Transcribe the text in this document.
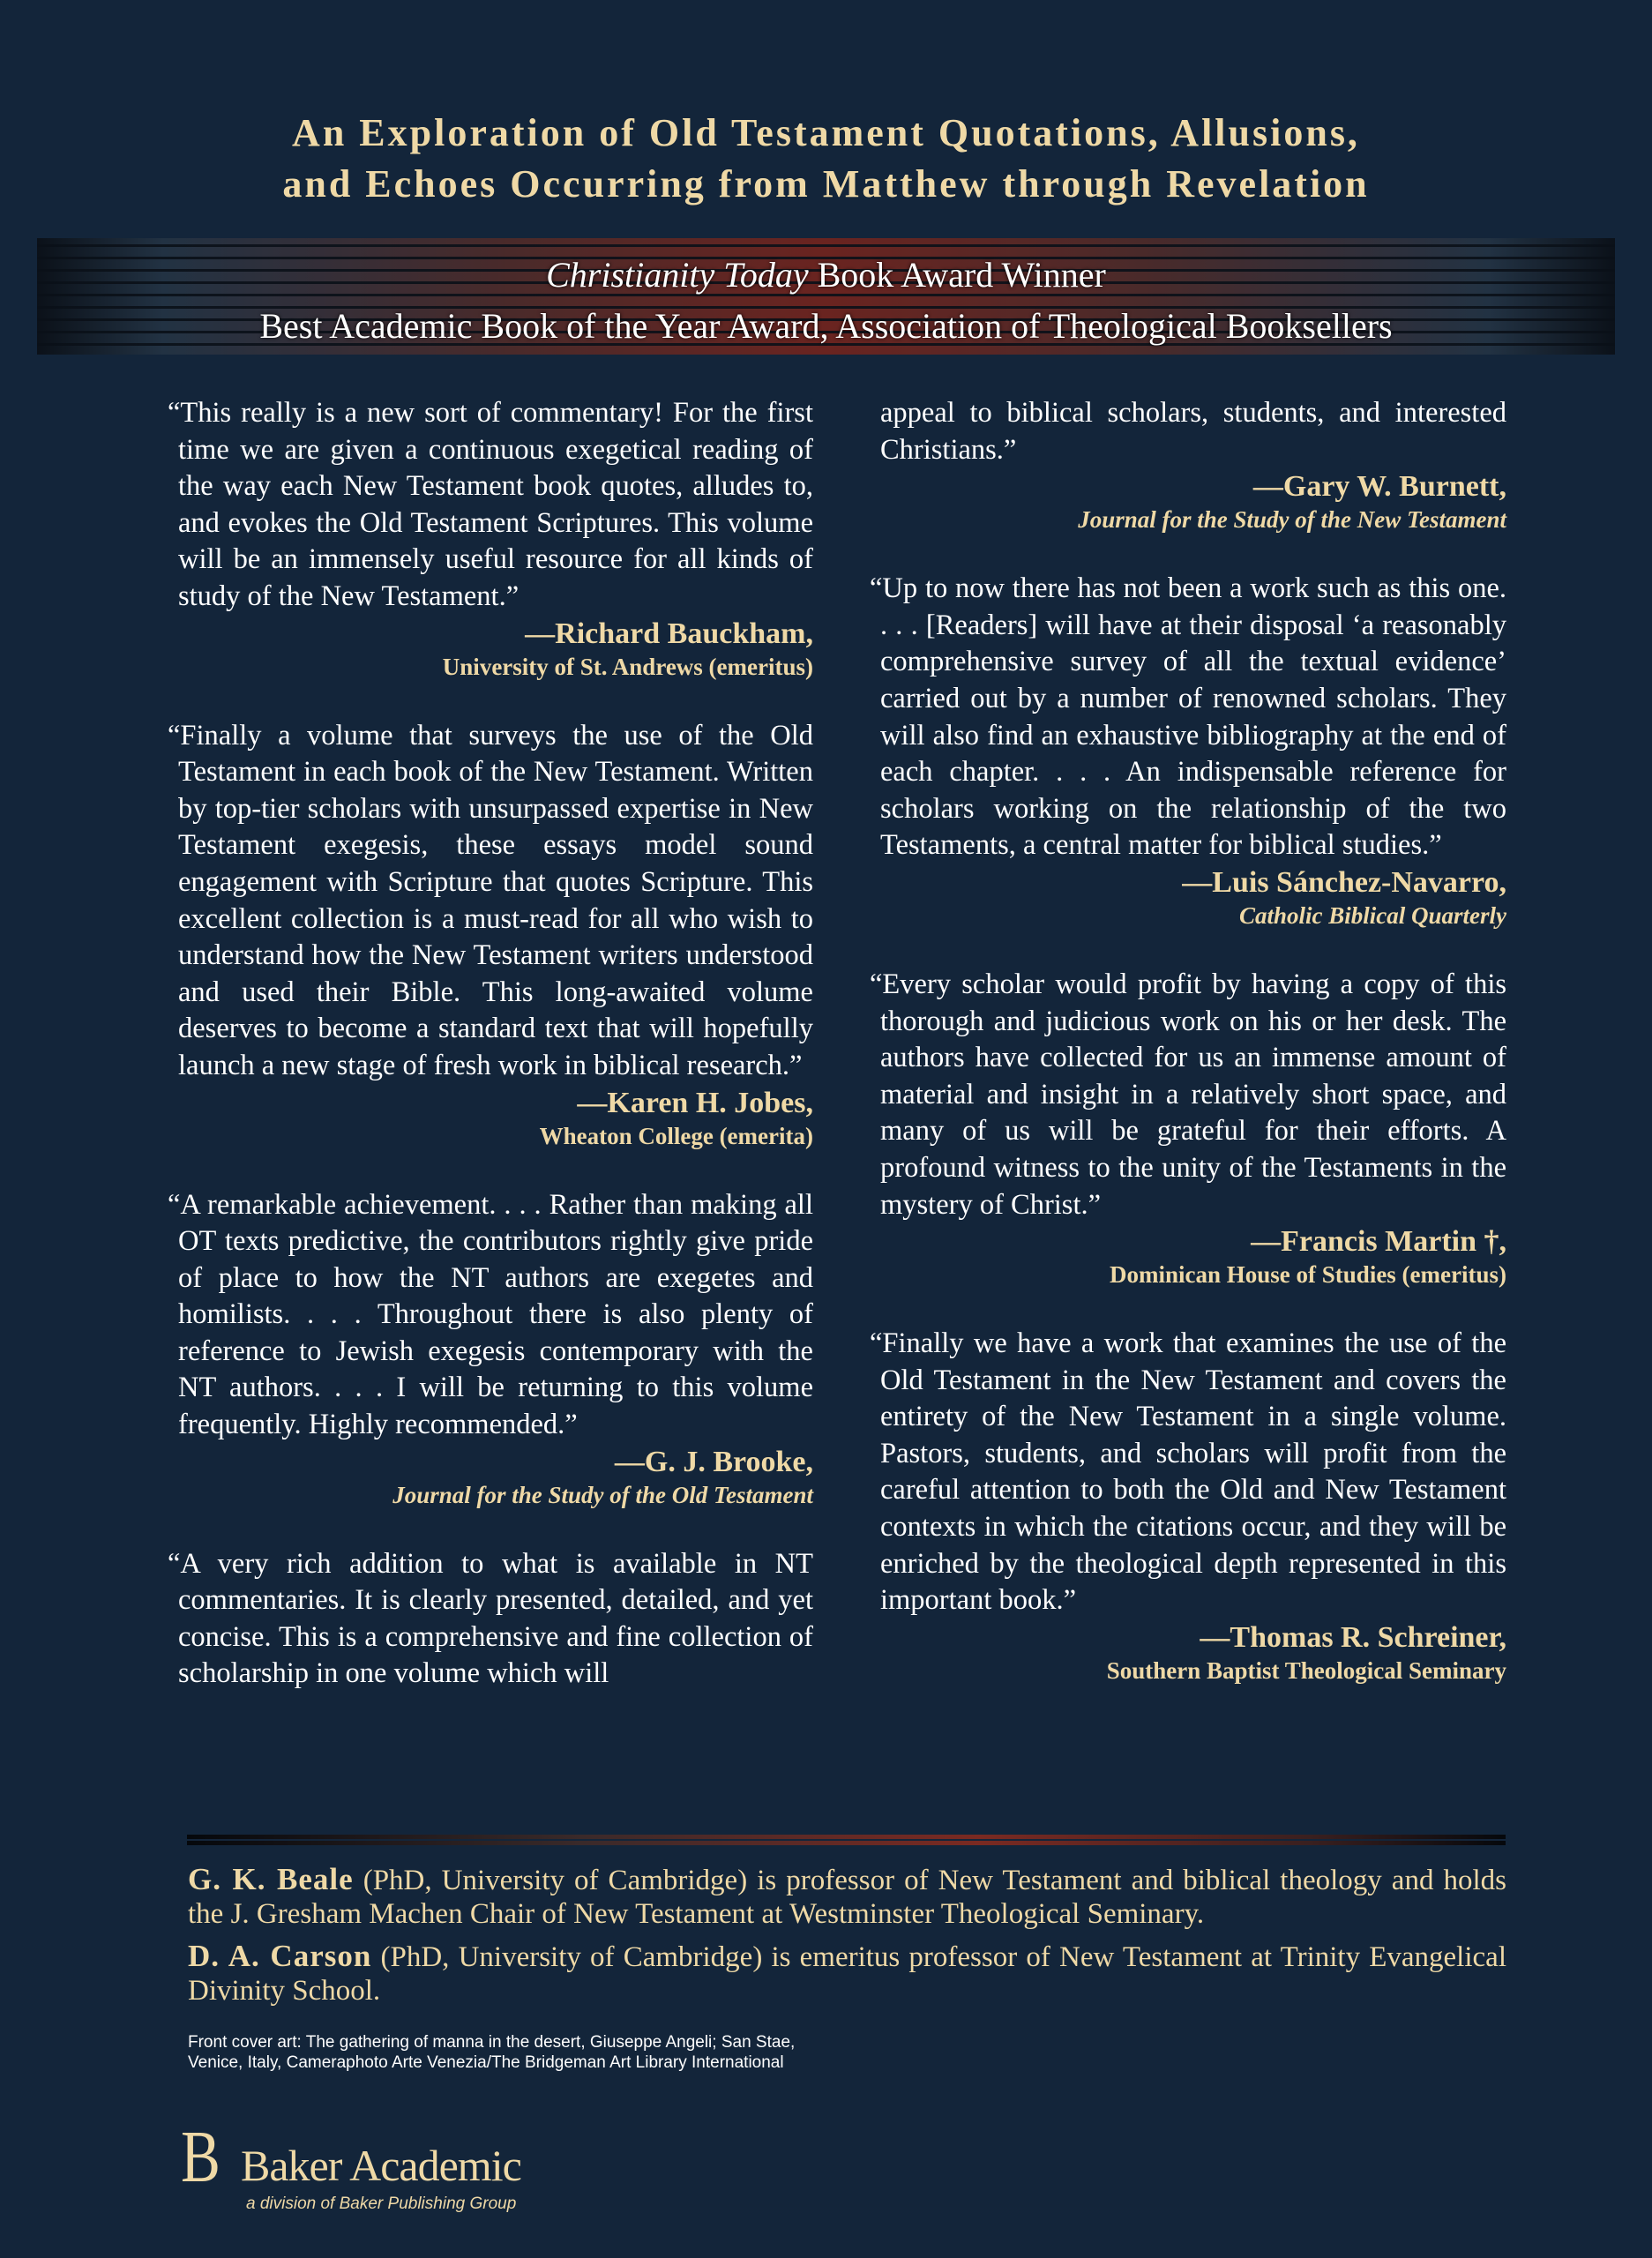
An Exploration of Old Testament Quotations, Allusions,
and Echoes Occurring from Matthew through Revelation
Christianity Today Book Award Winner
Best Academic Book of the Year Award, Association of Theological Booksellers

“This really is a new sort of commentary! For the first time we are given a continuous exegetical reading of the way each New Testament book quotes, alludes to, and evokes the Old Testament Scriptures. This volume will be an immensely useful resource for all kinds of study of the New Testament.”

—Richard Bauckham,
University of St. Andrews (emeritus)

“Finally a volume that surveys the use of the Old Testament in each book of the New Testament. Written by top-tier scholars with unsurpassed expertise in New Testament exegesis, these essays model sound engagement with Scripture that quotes Scripture. This excellent collection is a must-read for all who wish to understand how the New Testament writers understood and used their Bible. This long-awaited volume deserves to become a standard text that will hopefully launch a new stage of fresh work in biblical research.”

—Karen H. Jobes,
Wheaton College (emerita)

“A remarkable achievement. . . . Rather than making all OT texts predictive, the contributors rightly give pride of place to how the NT authors are exegetes and homilists. . . . Throughout there is also plenty of reference to Jewish exegesis contemporary with the NT authors. . . . I will be returning to this volume frequently. Highly recommended.”

—G. J. Brooke,
Journal for the Study of the Old Testament

“A very rich addition to what is available in NT commentaries. It is clearly presented, detailed, and yet concise. This is a comprehensive and fine collection of scholarship in one volume which will

appeal to biblical scholars, students, and interested Christians.”

—Gary W. Burnett,
Journal for the Study of the New Testament

“Up to now there has not been a work such as this one. . . . [Readers] will have at their disposal ‘a reasonably comprehensive survey of all the textual evidence’ carried out by a number of renowned scholars. They will also find an exhaustive bibliography at the end of each chapter. . . . An indispensable reference for scholars working on the relationship of the two Testaments, a central matter for biblical studies.”

—Luis Sánchez-Navarro,
Catholic Biblical Quarterly

“Every scholar would profit by having a copy of this thorough and judicious work on his or her desk. The authors have collected for us an immense amount of material and insight in a relatively short space, and many of us will be grateful for their efforts. A profound witness to the unity of the Testaments in the mystery of Christ.”

—Francis Martin †,
Dominican House of Studies (emeritus)

“Finally we have a work that examines the use of the Old Testament in the New Testament and covers the entirety of the New Testament in a single volume. Pastors, students, and scholars will profit from the careful attention to both the Old and New Testament contexts in which the citations occur, and they will be enriched by the theological depth represented in this important book.”

—Thomas R. Schreiner,
Southern Baptist Theological Seminary

G. K. Beale (PhD, University of Cambridge) is professor of New Testament and biblical theology and holds the J. Gresham Machen Chair of New Testament at Westminster Theological Seminary.

D. A. Carson (PhD, University of Cambridge) is emeritus professor of New Testament at Trinity Evangelical Divinity School.

Front cover art: The gathering of manna in the desert, Giuseppe Angeli; San Stae,
Venice, Italy, Cameraphoto Arte Venezia/The Bridgeman Art Library International
B Baker Academic
a division of Baker Publishing Group
